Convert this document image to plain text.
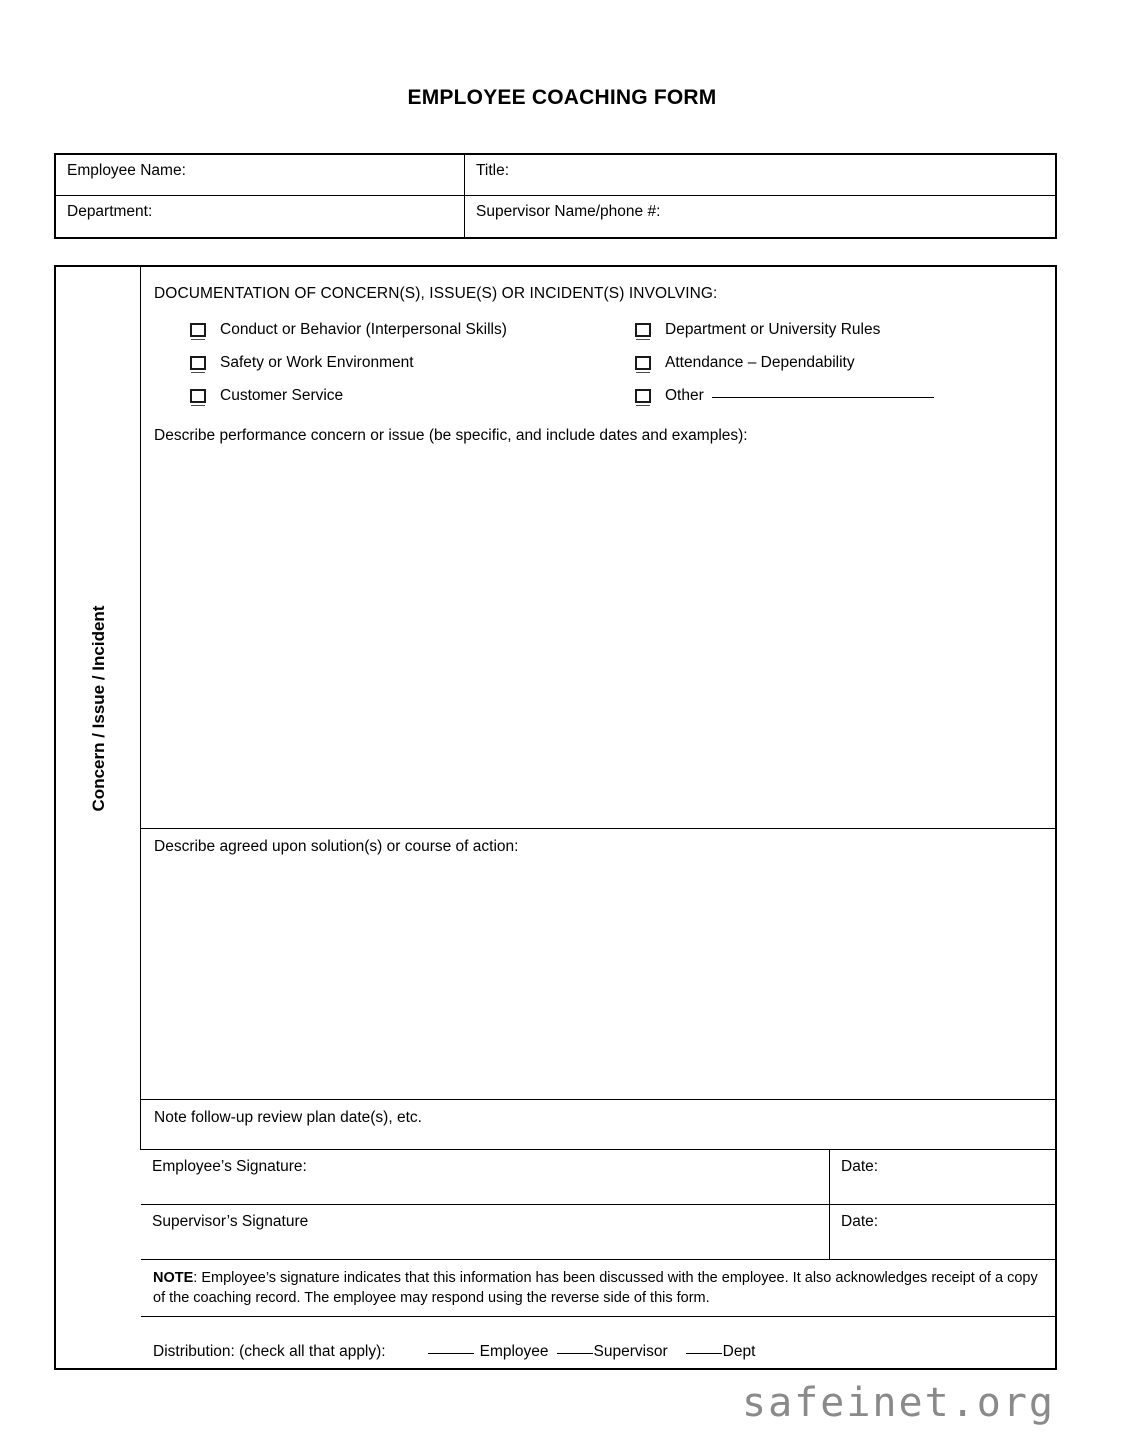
EMPLOYEE COACHING FORM
Employee Name:	Title:
Department:	Supervisor Name/phone #:
Concern / Issue / Incident
DOCUMENTATION OF CONCERN(S), ISSUE(S) OR INCIDENT(S) INVOLVING:
Conduct or Behavior (Interpersonal Skills)	Department or University Rules
Safety or Work Environment	Attendance – Dependability
Customer Service	Other
Describe performance concern or issue (be specific, and include dates and examples):
Describe agreed upon solution(s) or course of action:
Note follow-up review plan date(s), etc.
Employee’s Signature:	Date:
Supervisor’s Signature	Date:
NOTE: Employee’s signature indicates that this information has been discussed with the employee. It also acknowledges receipt of a copy of the coaching record. The employee may respond using the reverse side of this form.
Distribution: (check all that apply):	Employee	Supervisor	Dept
safeinet.org
